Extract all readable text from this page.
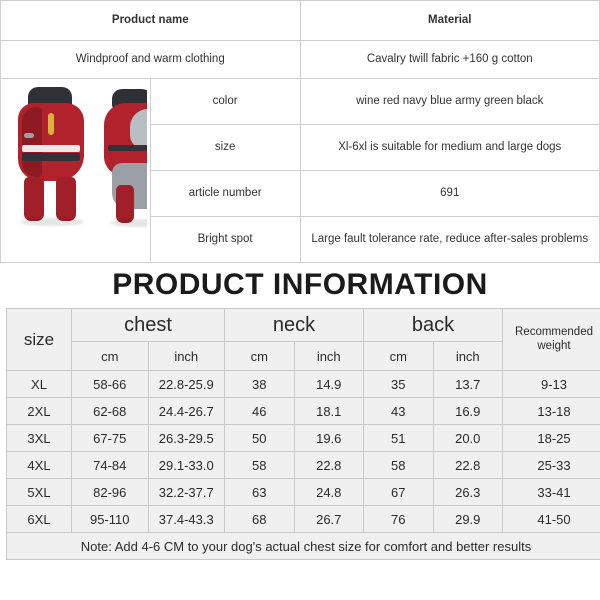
Product name		Material
Windproof and warm clothing		Cavalry twill fabric +160 g cotton

	color	wine red navy blue army green black
	size	Xl-6xl is suitable for medium and large dogs
	article number	691
	Bright spot	Large fault tolerance rate, reduce after-sales problems
PRODUCT INFORMATION
size	chest		neck		back		Recommended weight
	cm	inch	cm	inch	cm	inch	
XL	58-66	22.8-25.9	38	14.9	35	13.7	9-13
2XL	62-68	24.4-26.7	46	18.1	43	16.9	13-18
3XL	67-75	26.3-29.5	50	19.6	51	20.0	18-25
4XL	74-84	29.1-33.0	58	22.8	58	22.8	25-33
5XL	82-96	32.2-37.7	63	24.8	67	26.3	33-41
6XL	95-110	37.4-43.3	68	26.7	76	29.9	41-50
Note: Add 4-6 CM to your dog's actual chest size for comfort and better results							
